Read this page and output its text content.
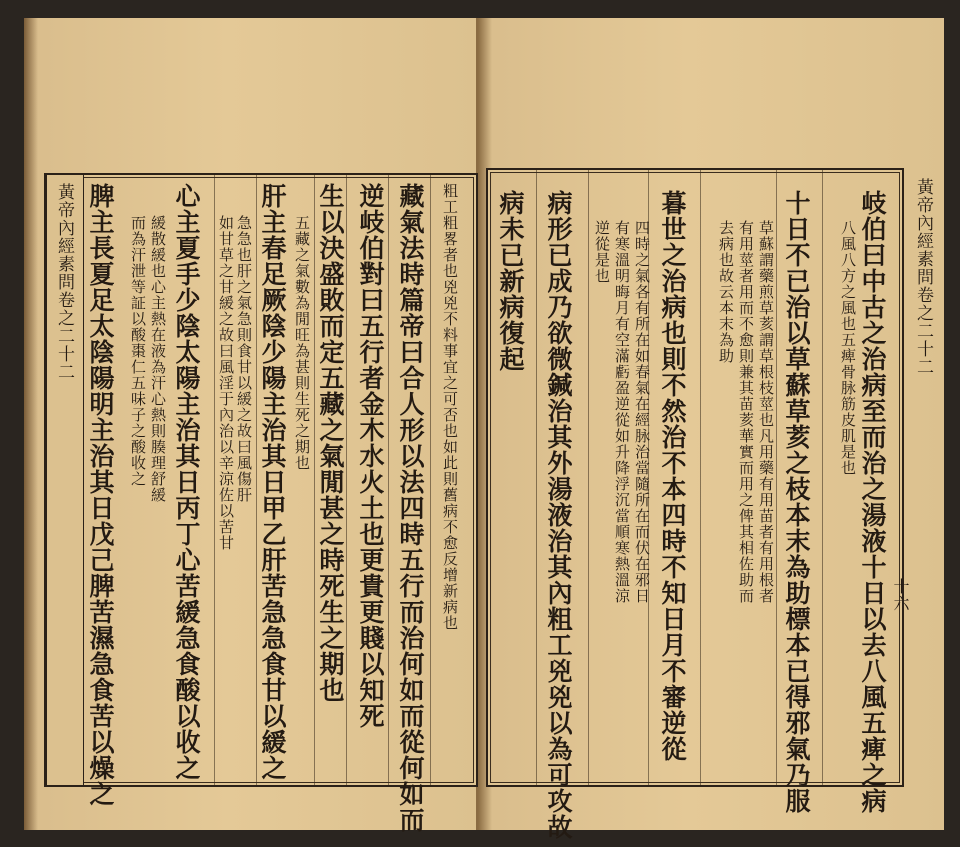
黃帝內經素問卷之二十二	粗工粗畧者也兇兇不料事宜之可否也如此則舊病不愈反增新病也
藏氣法時篇帝曰合人形以法四時五行而治何如而從何如而
逆岐伯對曰五行者金木水火土也更貴更賤以知死
生以決盛敗而定五藏之氣閒甚之時死生之期也
五藏之氣數為閒旺為甚則生死之期也
肝主春足厥陰少陽主治其日甲乙肝苦急急食甘以緩之
急急也肝之氣急則食甘以緩之故曰風傷肝
如甘草之甘緩之故曰風淫于內治以辛涼佐以苦甘
心主夏手少陰太陽主治其日丙丁心苦緩急食酸以收之
緩散緩也心主熱在液為汗心熱則腠理舒緩
而為汗泄等証以酸棗仁五味子之酸收之
脾主長夏足太陰陽明主治其日戊己脾苦濕急食苦以燥之	岐伯曰中古之治病至而治之湯液十日以去八風五痺之病
八風八方之風也五痺骨脉筋皮肌是也
十日不已治以草蘇草荄之枝本末為助標本已得邪氣乃服
草蘇謂藥煎草荄謂草根枝莖也凡用藥有用苗者有用根者
有用莖者用而不愈則兼其苗荄華實而用之俾其相佐助而
去病也故云本末為助
暮世之治病也則不然治不本四時不知日月不審逆從
四時之氣各有所在如春氣在經脉治當隨所在而伏在邪日
有寒溫明晦月有空滿虧盈逆從如升降浮沉當順寒熱溫涼
逆從是也
病形已成乃欲微鍼治其外湯液治其內粗工兇兇以為可攻故
病未已新病復起	黃帝內經素問卷之二十二
十六
